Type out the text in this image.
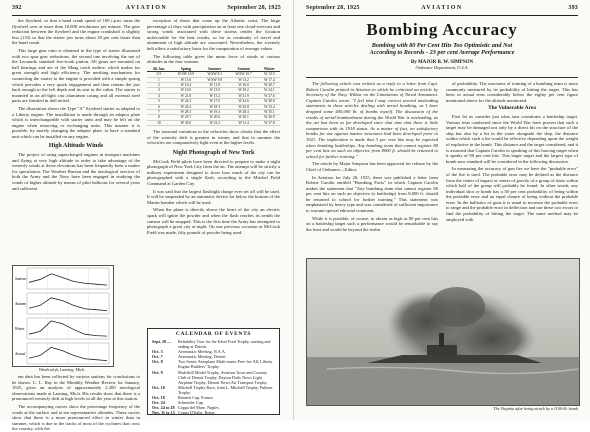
392	AVIATION	September 28, 1925

the flywheel, so that a hand crank speed of 100 r.p.m. turns the flywheel over at more than 10,000 revolutions per minute. The gear reduction between the flywheel and the engine crankshaft is slightly less (133) so that the starter jaw turns about 20 per cent faster than the hand crank.

This large gear ratio is obtained in the type of starter illustrated with two spur gear reductions, the second one involving the use of the Leonardo standard five-tooth pinion. All gears are mounted on ball bearings and are of the Maag tooth outline, which makes for great strength and high efficiency. The meshing mechanism for connecting the starter to the engine is provided with a simple spring which provides a very quick engagement and then returns the jaw back enough to the left depth and its seat in the cabin. The starter is mounted in an all-light cast aluminum casing and all external steel parts are finished in dull nickel.

The illustration shows the Type "A" flywheel starter as adapted to a Liberty engine. The installation is made through an adaptor plate which is interchangeable with starter units and may be left on the engine when removing or exchanging units. This manner it is possible, by merely changing the adaptor plate, to have a standard unit which can be installed on any engine.

High Altitude Winds

The project of using supercharged engines in transport machines and flying at very high altitude in order to take advantage of the westerly winds at those elevations has been frequently been a matter for speculation. The Weather Bureau and the aerological services of both the Army and the Navy have been engaged in studying the winds of higher altitude by means of pilot balloons for several years and sufficient

Summer
Autumn
Winter
Annual
Winds aloft, Lansing, Mich.

ent data has been collected by various stations for conclusions to be drawn. C. L. Ray in the Monthly Weather Review for January, 1925, gives an analysis of approximately 2,300 aerological observations made at Lansing, Mich. His results show that there is a pronounced westerly drift at high levels in all the year at this station.

The accompanying curves show the percentage frequency of the winds at the surface and at ten representative altitudes. These curves show that there is a more pronounced effect in winter than in summer, which is due to the tracks of most of the cyclones that cross the country, with the

exception of those that come up the Atlantic coast. The large percentage of days with precipitation on at least one cloud-overcast and strong winds associated with these storms render the location unfavorable for the best results, so far as continuity of travel and attainment of high altitude are concerned. Nevertheless, the westerly belt offers a satisfactory basis for the computation of average values.

The following table gives the mean force of winds at various altitudes in the four seasons:

Alt. km.	Spring	Summer	Autumn	Winter
0.5	W.SW 10.9	W.SW 8.1	W.SW 10.7	W 13.5
1	W 13.6	W.SW 9.8	W 13.2	W 17.4
2	W 16.4	W 11.8	W 16.0	W 20.7
3	W 19.0	W 13.9	W 19.2	W 24.1
4	W 21.8	W 15.2	W 21.9	W 27.6
5	W 24.3	W 17.0	W 24.6	W 30.8
6	W 26.2	W 18.3	W 26.8	W 33.4
7	W 28.1	W 19.4	W 28.4	W 35.1
8	W 29.7	W 20.6	W 30.1	W 36.9
10	W 30.6	W 21.2	W 31.4	W 37.8

The seasonal variations in the velocities show clearly that the effect of the westerly drift is greatest in winter, and that in summer the velocities are comparatively light even at the higher levels.

Night Photograph of New York

McCook Field pilots have been directed to prepare to make a night photograph of New York City from the air. The attempt will be strictly a military experiment designed to show how much of the city can be photographed with a single flash, according to the Mitchel Field Command at Garden City.

It was said that the largest flashlight charge ever set off will be used. It will be suspended by an automatic device far below the bottom of the Martin bomber which will be used.

When the plane is directly above the heart of the city an electric spark will ignite the powder and when the flash reaches its zenith the camera will be snapped. This is the first time the Army has attempted to photograph a great city at night. On one previous occasion at McCook Field was made, fifty pounds of powder being used.

CALENDAR OF EVENTS
Sept. 28 —	Reliability Tour for the Edsel Ford Trophy, starting and ending at Detroit.
Oct. 3	Aeronautic Meeting, N.A.A.
Oct. 7	Aeronautic Meeting, Detroit.
Oct. 8	Two Seater Aeroplane Multi-seater Free-for-All, Liberty Engine Builders' Trophy.
Oct. 9	Mulvihill Model Trophy, Aviation Town and Country Club of Detroit Trophy, Dayton Daily News Light Airplane Trophy, Detroit News Air Transport Trophy.
Oct. 10	Mitchell Trophy Race, John L. Mitchell Trophy, Pulitzer Trophy.
Oct. 18	Bennett Cup, France.
Oct. 24	Schneider Cup.
Oct. 24 to 28 Coppa del Mare, Naples.
Nov. 11 to 15 Coppa D'Italia, Rome.
September 28, 1925	AVIATION	393
Bombing Accuracy
Bombing with 80 Per Cent Hits Too Optimistic and Not
According to Records - 23 per cent Average Performance
By MAJOR B. W. SIMPSON
Ordnance Department, U.S.A.

The following article was written as a reply to a letter from Capt. Robert Carolin printed in Aviation in which he criticized an article by Secretary of the Navy Wilbur on the Limitations of Naval Armament. Captain Carolin wrote: "I feel that I may correct several misleading statements in these articles dealing with aerial bombing, as I have dropped some 400,000 lb. of bombs myself. The discussion of the results of aerial bombardment during the World War is misleading, as the art has been so far developed since that time that there is little comparison with its 1918 status. As a matter of fact, no satisfactory bombs for use against marine structures had been developed prior to 1921. The implication is made that 3 per cent hits may be expected when bombing battleships. Any bombing team that cannot register 80 per cent hits on such an objective from 8000 ft. should be returned to school for further training."

The article by Major Simpson has been approved for release by the Chief of Ordnance—Editor.

In Aviation for July 20, 1925, there was published a letter from Robert Carolin entitled "Bombing Facts" in which Captain Carolin makes the statement that "Any bombing team that cannot register 80 per cent hits on such an objective (a battleship) from 8,000 ft. should be returned to school for further training." This statement was emphasized by heavy type and was considered of sufficient importance to warrant special editorial comment.

While it is possible, of course, to obtain as high as 80 per cent hits on a battleship target such a performance would be remarkable to say the least and would be beyond the realm

of probability. The exactness of training of a bombing team is more commonly measured by its probability of hitting the target. This has been in actual tests considerably below the eighty per cent figure mentioned above for the altitude mentioned.

The Vulnerable Area

First let us consider just what area constitutes a battleship target. Various tests conducted since the World War have proven that such a target may be damaged not only by a direct hit on the structure of the ship but also by a hit in the water alongside the ship, the distance within which such a hit would be effective depending upon the weight of explosive in the bomb. This distance and the target considered, and it is assumed that Captain Carolin in speaking of this bracing target when it speaks of 80 per cent hits. This larger target and the largest type of bomb now standard will be considered in the following discussion.

In measuring the accuracy of gun fire we have the "probable error" of the fire is used. The probable error may be defined as the distance from the center of impact or center of gravity of a group of shots within which half of the group will probably be found. In other words, any individual shot or bomb has a 50 per cent probability of being within the probable error and an equal chance of being without the probable error. In the ballistics of guns it is usual to increase the probable error to range and the probable error in deflection and use these two errors to find the probability of hitting the target. The same method may be employed with

The Virginia after being struck by a 1100-lb. bomb
